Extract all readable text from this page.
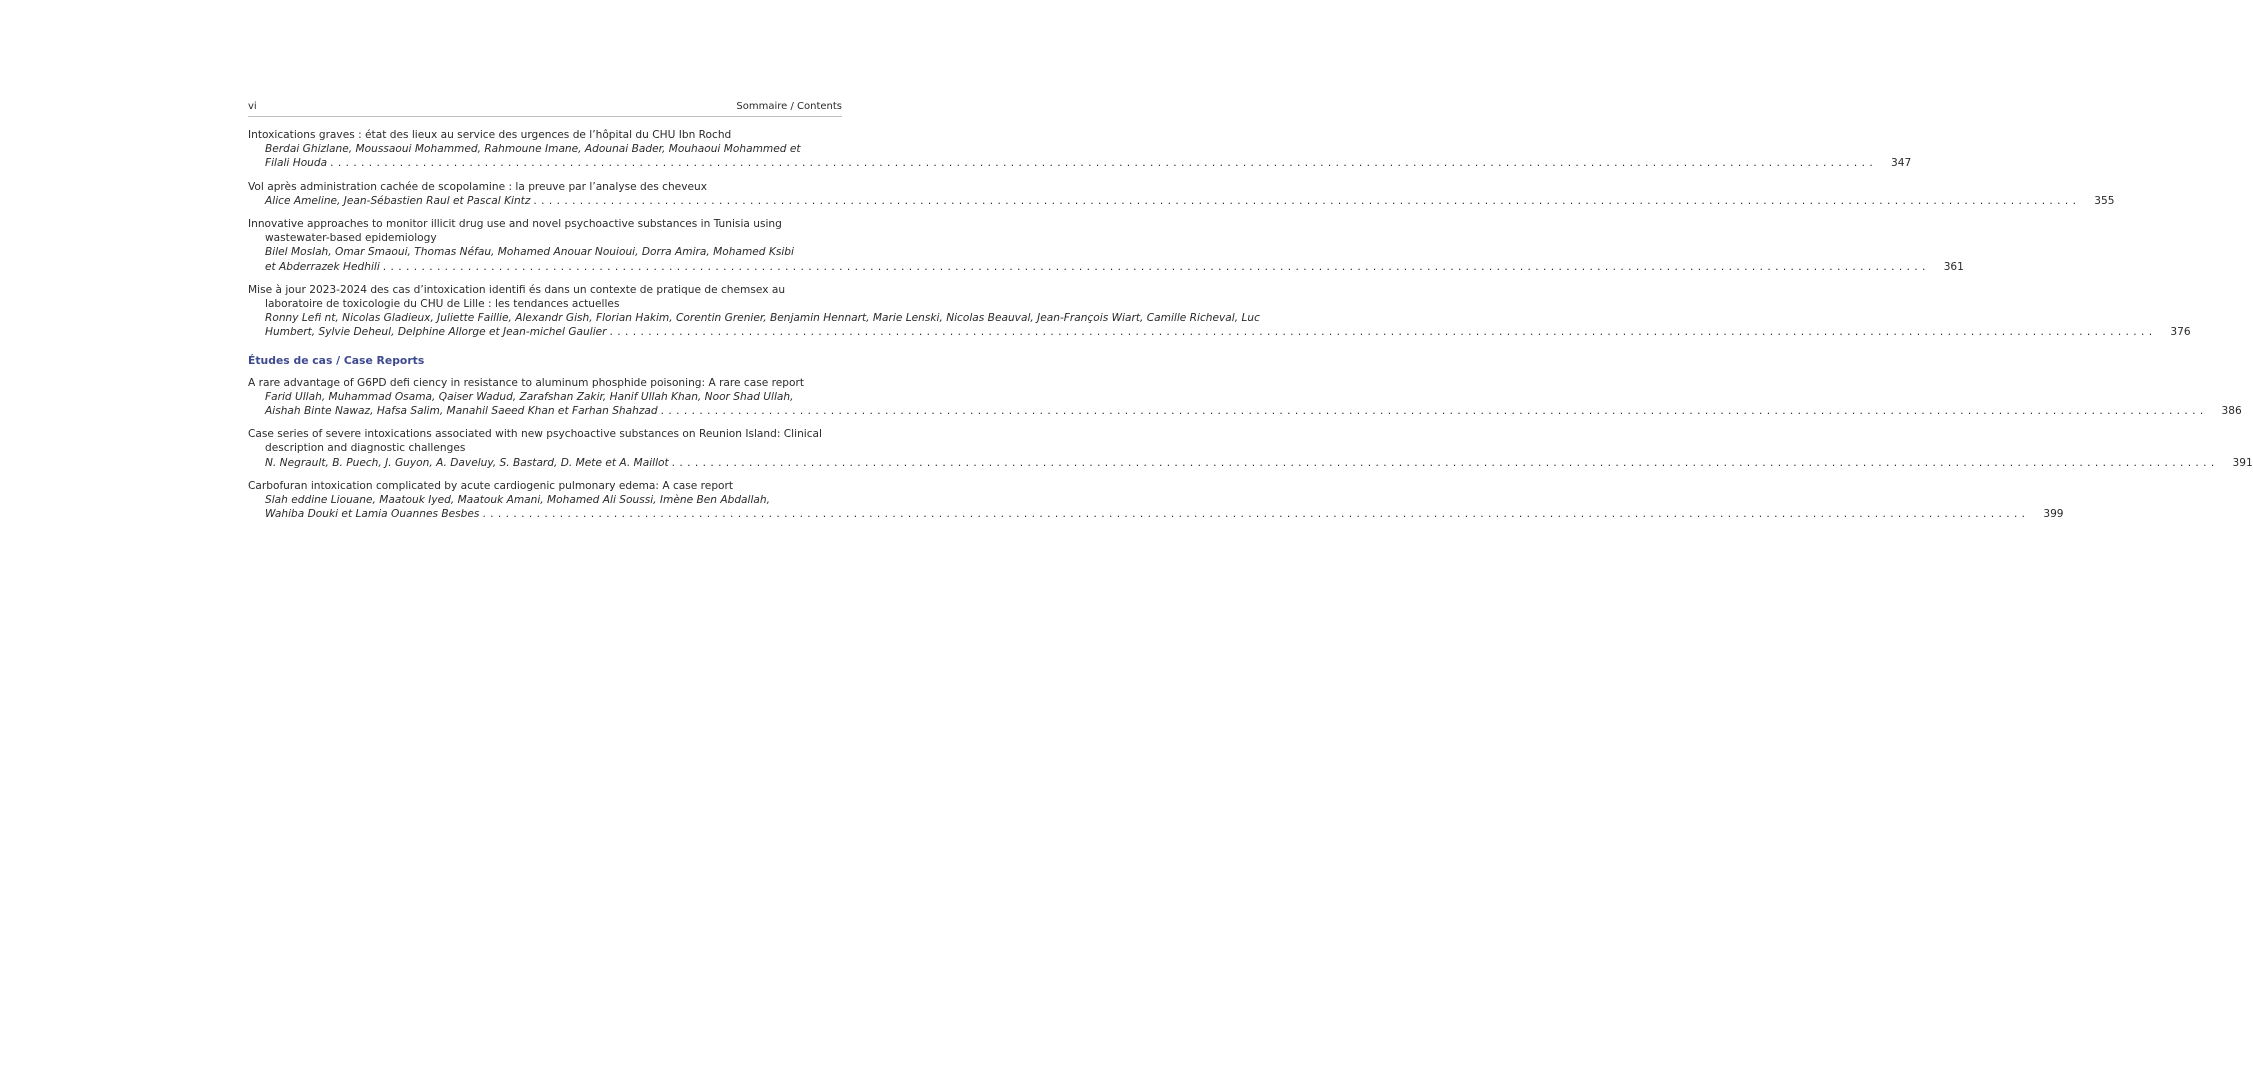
vi	Sommaire / Contents
Intoxications graves : état des lieux au service des urgences de l’hôpital du CHU Ibn Rochd
Berdai Ghizlane, Moussaoui Mohammed, Rahmoune Imane, Adounai Bader, Mouhaoui Mohammed et
Filali Houda . . . . . . . . . . . . . . . . . . . . . . . . . . . . . . . . . . . . . . . . . . . . . . . . . . . . . . . . . . . . . . . . . . . . . . . . . . . . . . . . . . . . . . . . . . . . . . . . . . . . . . . . . . . . . . . . . . . . . . . . . . . . . . . . . . . . . . . . . . . . . . . . . . . . . . . . . . . . . . . . . . . . . . . . . . . . . . . . . . . . . . . . . . . . . . . . . . . . . . . .	347
Vol après administration cachée de scopolamine : la preuve par l’analyse des cheveux
Alice Ameline, Jean-Sébastien Raul et Pascal Kintz . . . . . . . . . . . . . . . . . . . . . . . . . . . . . . . . . . . . . . . . . . . . . . . . . . . . . . . . . . . . . . . . . . . . . . . . . . . . . . . . . . . . . . . . . . . . . . . . . . . . . . . . . . . . . . . . . . . . . . . . . . . . . . . . . . . . . . . . . . . . . . . . . . . . . . . . . . . . . . . . . . . . . . . . . . . . . . . . . . . . . . . . . . . . . . . . . . . . . . . .	355
Innovative approaches to monitor illicit drug use and novel psychoactive substances in Tunisia using wastewater-based epidemiology
Bilel Moslah, Omar Smaoui, Thomas Néfau, Mohamed Anouar Nouioui, Dorra Amira, Mohamed Ksibi
et Abderrazek Hedhili . . . . . . . . . . . . . . . . . . . . . . . . . . . . . . . . . . . . . . . . . . . . . . . . . . . . . . . . . . . . . . . . . . . . . . . . . . . . . . . . . . . . . . . . . . . . . . . . . . . . . . . . . . . . . . . . . . . . . . . . . . . . . . . . . . . . . . . . . . . . . . . . . . . . . . . . . . . . . . . . . . . . . . . . . . . . . . . . . . . . . . . . . . . . . . . . . . . . . . . .	361
Mise à jour 2023-2024 des cas d’intoxication identifi és dans un contexte de pratique de chemsex au laboratoire de toxicologie du CHU de Lille : les tendances actuelles
Ronny Lefi nt, Nicolas Gladieux, Juliette Faillie, Alexandr Gish, Florian Hakim, Corentin Grenier, Benjamin Hennart, Marie Lenski, Nicolas Beauval, Jean-François Wiart, Camille Richeval, Luc
Humbert, Sylvie Deheul, Delphine Allorge et Jean-michel Gaulier . . . . . . . . . . . . . . . . . . . . . . . . . . . . . . . . . . . . . . . . . . . . . . . . . . . . . . . . . . . . . . . . . . . . . . . . . . . . . . . . . . . . . . . . . . . . . . . . . . . . . . . . . . . . . . . . . . . . . . . . . . . . . . . . . . . . . . . . . . . . . . . . . . . . . . . . . . . . . . . . . . . . . . . . . . . . . . . . . . . . . . . . . . . . . . . . . . . . . . . .	376
Études de cas / Case Reports
A rare advantage of G6PD defi ciency in resistance to aluminum phosphide poisoning: A rare case report
Farid Ullah, Muhammad Osama, Qaiser Wadud, Zarafshan Zakir, Hanif Ullah Khan, Noor Shad Ullah,
Aishah Binte Nawaz, Hafsa Salim, Manahil Saeed Khan et Farhan Shahzad . . . . . . . . . . . . . . . . . . . . . . . . . . . . . . . . . . . . . . . . . . . . . . . . . . . . . . . . . . . . . . . . . . . . . . . . . . . . . . . . . . . . . . . . . . . . . . . . . . . . . . . . . . . . . . . . . . . . . . . . . . . . . . . . . . . . . . . . . . . . . . . . . . . . . . . . . . . . . . . . . . . . . . . . . . . . . . . . . . . . . . . . . . . . . . . . . . . . . . . .	386
Case series of severe intoxications associated with new psychoactive substances on Reunion Island: Clinical description and diagnostic challenges
N. Negrault, B. Puech, J. Guyon, A. Daveluy, S. Bastard, D. Mete et A. Maillot . . . . . . . . . . . . . . . . . . . . . . . . . . . . . . . . . . . . . . . . . . . . . . . . . . . . . . . . . . . . . . . . . . . . . . . . . . . . . . . . . . . . . . . . . . . . . . . . . . . . . . . . . . . . . . . . . . . . . . . . . . . . . . . . . . . . . . . . . . . . . . . . . . . . . . . . . . . . . . . . . . . . . . . . . . . . . . . . . . . . . . . . . . . . . . . . . . . . . . . .	391
Carbofuran intoxication complicated by acute cardiogenic pulmonary edema: A case report
Slah eddine Liouane, Maatouk Iyed, Maatouk Amani, Mohamed Ali Soussi, Imène Ben Abdallah,
Wahiba Douki et Lamia Ouannes Besbes . . . . . . . . . . . . . . . . . . . . . . . . . . . . . . . . . . . . . . . . . . . . . . . . . . . . . . . . . . . . . . . . . . . . . . . . . . . . . . . . . . . . . . . . . . . . . . . . . . . . . . . . . . . . . . . . . . . . . . . . . . . . . . . . . . . . . . . . . . . . . . . . . . . . . . . . . . . . . . . . . . . . . . . . . . . . . . . . . . . . . . . . . . . . . . . . . . . . . . . .	399
